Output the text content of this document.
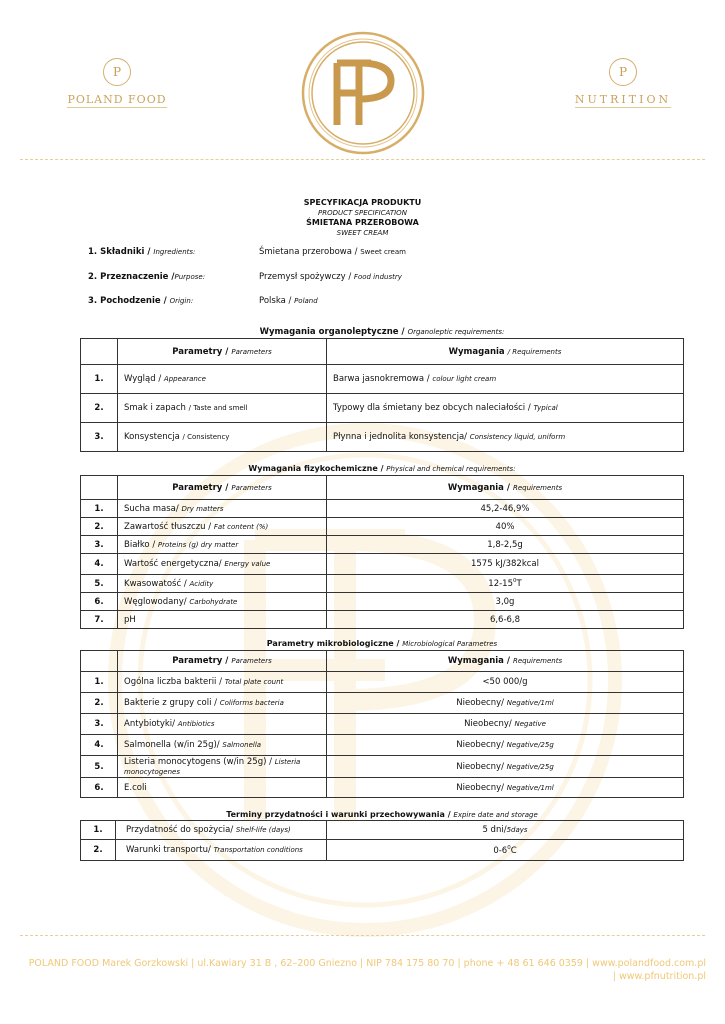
P
POLAND FOOD
FP
P
NUTRITION
SPECYFIKACJA PRODUKTU
PRODUCT SPECIFICATION
ŚMIETANA PRZEROBOWA
SWEET CREAM
1. Składniki / Ingredients:	Śmietana przerobowa / Sweet cream
2. Przeznaczenie /Purpose:	Przemysł spożywczy / Food industry
3. Pochodzenie / Origin:	Polska / Poland
Wymagania organoleptyczne / Organoleptic requirements:
	Parametry / Parameters	Wymagania / Requirements
1.	Wygląd / Appearance	Barwa jasnokremowa / colour light cream
2.	Smak i zapach / Taste and smell	Typowy dla śmietany bez obcych naleciałości / Typical
3.	Konsystencja / Consistency	Płynna i jednolita konsystencja/ Consistency liquid, uniform
Wymagania fizykochemiczne / Physical and chemical requirements:
	Parametry / Parameters	Wymagania / Requirements
1.	Sucha masa/ Dry matters	45,2-46,9%
2.	Zawartość tłuszczu / Fat content (%)	40%
3.	Białko / Proteins (g) dry matter	1,8-2,5g
4.	Wartość energetyczna/ Energy value	1575 kJ/382kcal
5.	Kwasowatość / Acidity	$12-15^0T$
6.	Węglowodany/ Carbohydrate	3,0g
7.	pH	6,6-6,8
Parametry mikrobiologiczne / Microbiological Parametres
	Parametry / Parameters	Wymagania / Requirements
1.	Ogólna liczba bakterii / Total plate count	<50 000/g
2.	Bakterie z grupy coli / Coliforms bacteria	Nieobecny/ Negative/1ml
3.	Antybiotyki/ Antibiotics	Nieobecny/ Negative
4.	Salmonella (w/in 25g)/ Salmonella	Nieobecny/ Negative/25g
5.	Listeria monocytogens (w/in 25g) / Listeria monocytogenes	Nieobecny/ Negative/25g
6.	E.coli	Nieobecny/ Negative/1ml
Terminy przydatności i warunki przechowywania / Expire date and storage
1.	Przydatność do spożycia/ Shelf-life (days)	5 dni/5days
2.	Warunki transportu/ Transportation conditions	$0-6^0C$
POLAND FOOD Marek Gorzkowski | ul.Kawiary 31 B , 62–200 Gniezno | NIP 784 175 80 70 | phone + 48 61 646 0359 | www.polandfood.com.pl
| www.pfnutrition.pl
